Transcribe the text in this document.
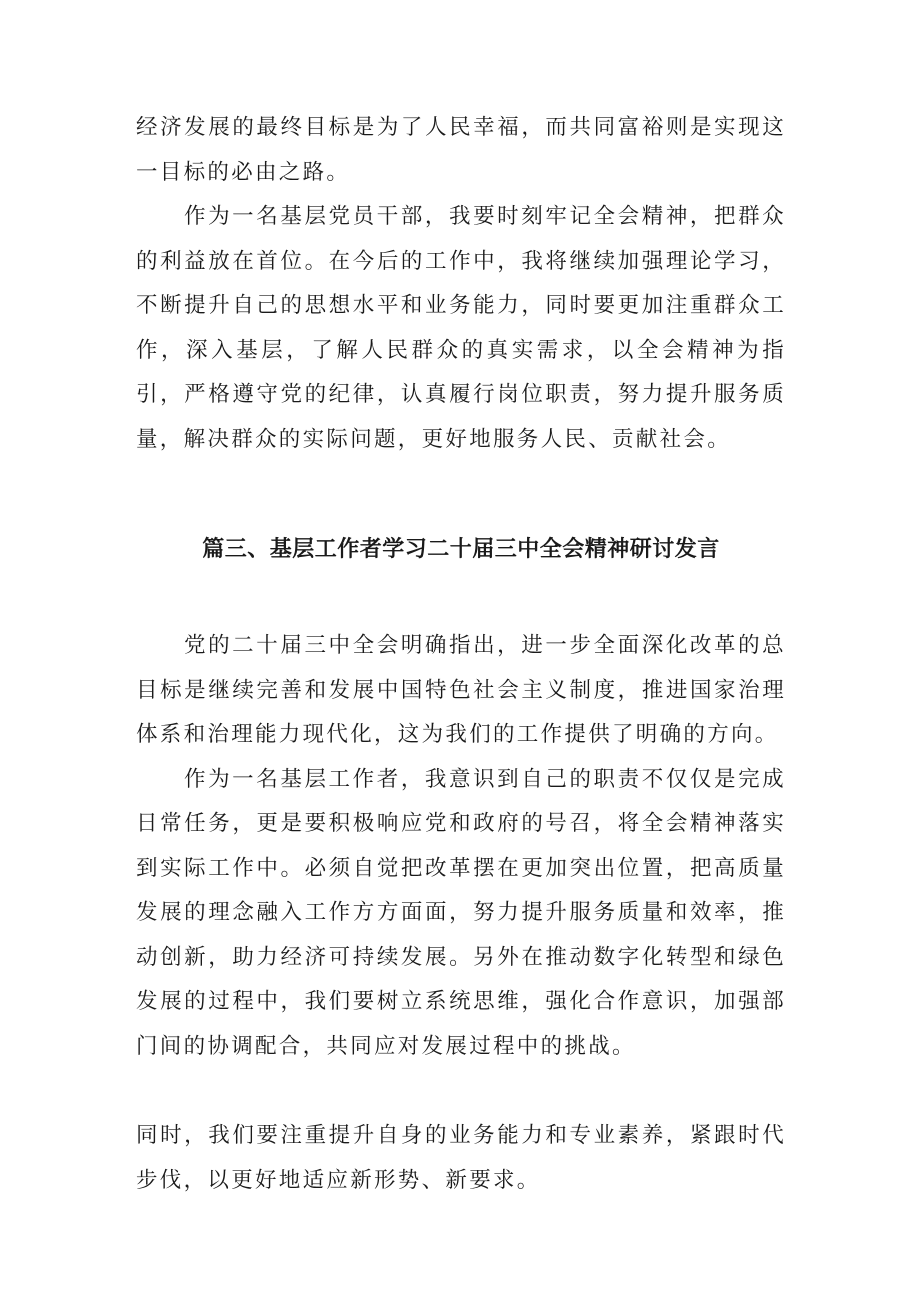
经济发展的最终目标是为了人民幸福，而共同富裕则是实现这一目标的必由之路。

作为一名基层党员干部，我要时刻牢记全会精神，把群众的利益放在首位。在今后的工作中，我将继续加强理论学习，不断提升自己的思想水平和业务能力，同时要更加注重群众工作，深入基层，了解人民群众的真实需求，以全会精神为指引，严格遵守党的纪律，认真履行岗位职责，努力提升服务质量，解决群众的实际问题，更好地服务人民、贡献社会。

篇三、基层工作者学习二十届三中全会精神研讨发言

党的二十届三中全会明确指出，进一步全面深化改革的总目标是继续完善和发展中国特色社会主义制度，推进国家治理体系和治理能力现代化，这为我们的工作提供了明确的方向。

作为一名基层工作者，我意识到自己的职责不仅仅是完成日常任务，更是要积极响应党和政府的号召，将全会精神落实到实际工作中。必须自觉把改革摆在更加突出位置，把高质量发展的理念融入工作方方面面，努力提升服务质量和效率，推动创新，助力经济可持续发展。另外在推动数字化转型和绿色发展的过程中，我们要树立系统思维，强化合作意识，加强部门间的协调配合，共同应对发展过程中的挑战。

同时，我们要注重提升自身的业务能力和专业素养，紧跟时代步伐，以更好地适应新形势、新要求。
